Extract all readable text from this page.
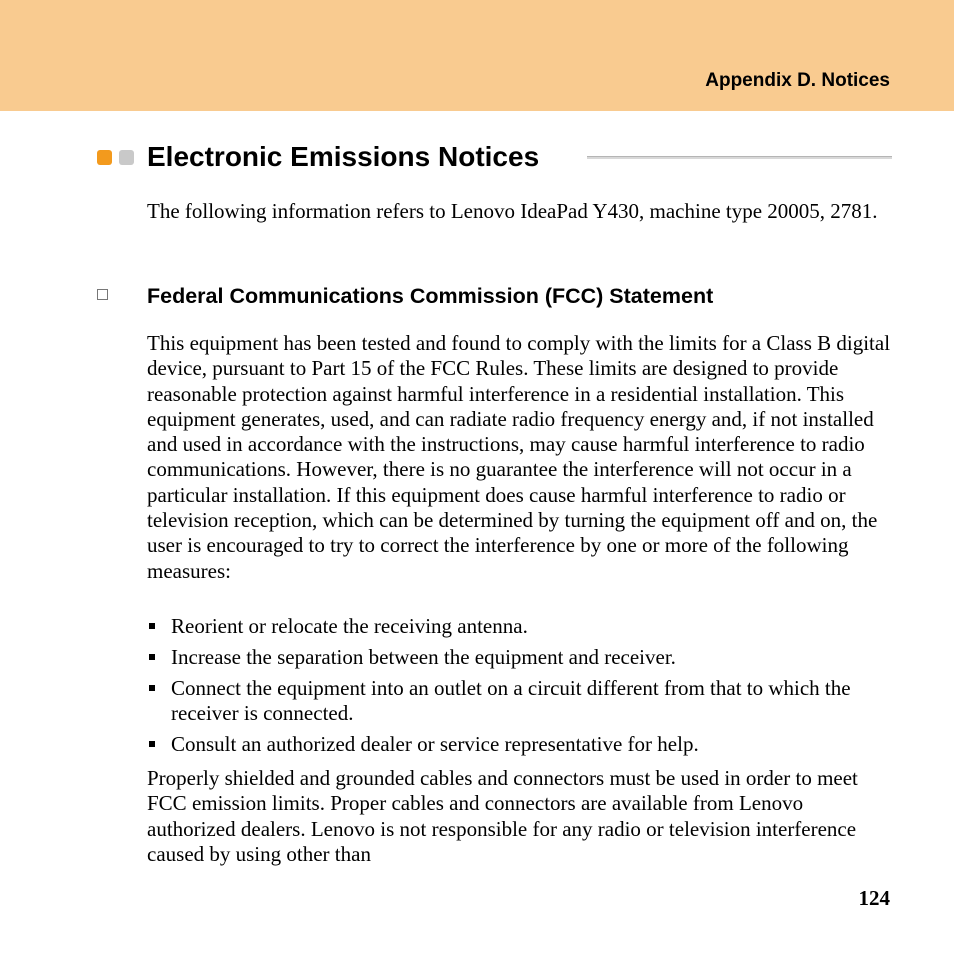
Appendix D. Notices
Electronic Emissions Notices

The following information refers to Lenovo IdeaPad Y430, machine type 20005, 2781.

Federal Communications Commission (FCC) Statement

This equipment has been tested and found to comply with the limits for a Class B digital device, pursuant to Part 15 of the FCC Rules. These limits are designed to provide reasonable protection against harmful interference in a residential installation. This equipment generates, used, and can radiate radio frequency energy and, if not installed and used in accordance with the instructions, may cause harmful interference to radio communications. However, there is no guarantee the interference will not occur in a particular installation. If this equipment does cause harmful interference to radio or television reception, which can be determined by turning the equipment off and on, the user is encouraged to try to correct the interference by one or more of the following measures:

Reorient or relocate the receiving antenna.
Increase the separation between the equipment and receiver.
Connect the equipment into an outlet on a circuit different from that to which the receiver is connected.
Consult an authorized dealer or service representative for help.

Properly shielded and grounded cables and connectors must be used in order to meet FCC emission limits. Proper cables and connectors are available from Lenovo authorized dealers. Lenovo is not responsible for any radio or television interference caused by using other than

124
